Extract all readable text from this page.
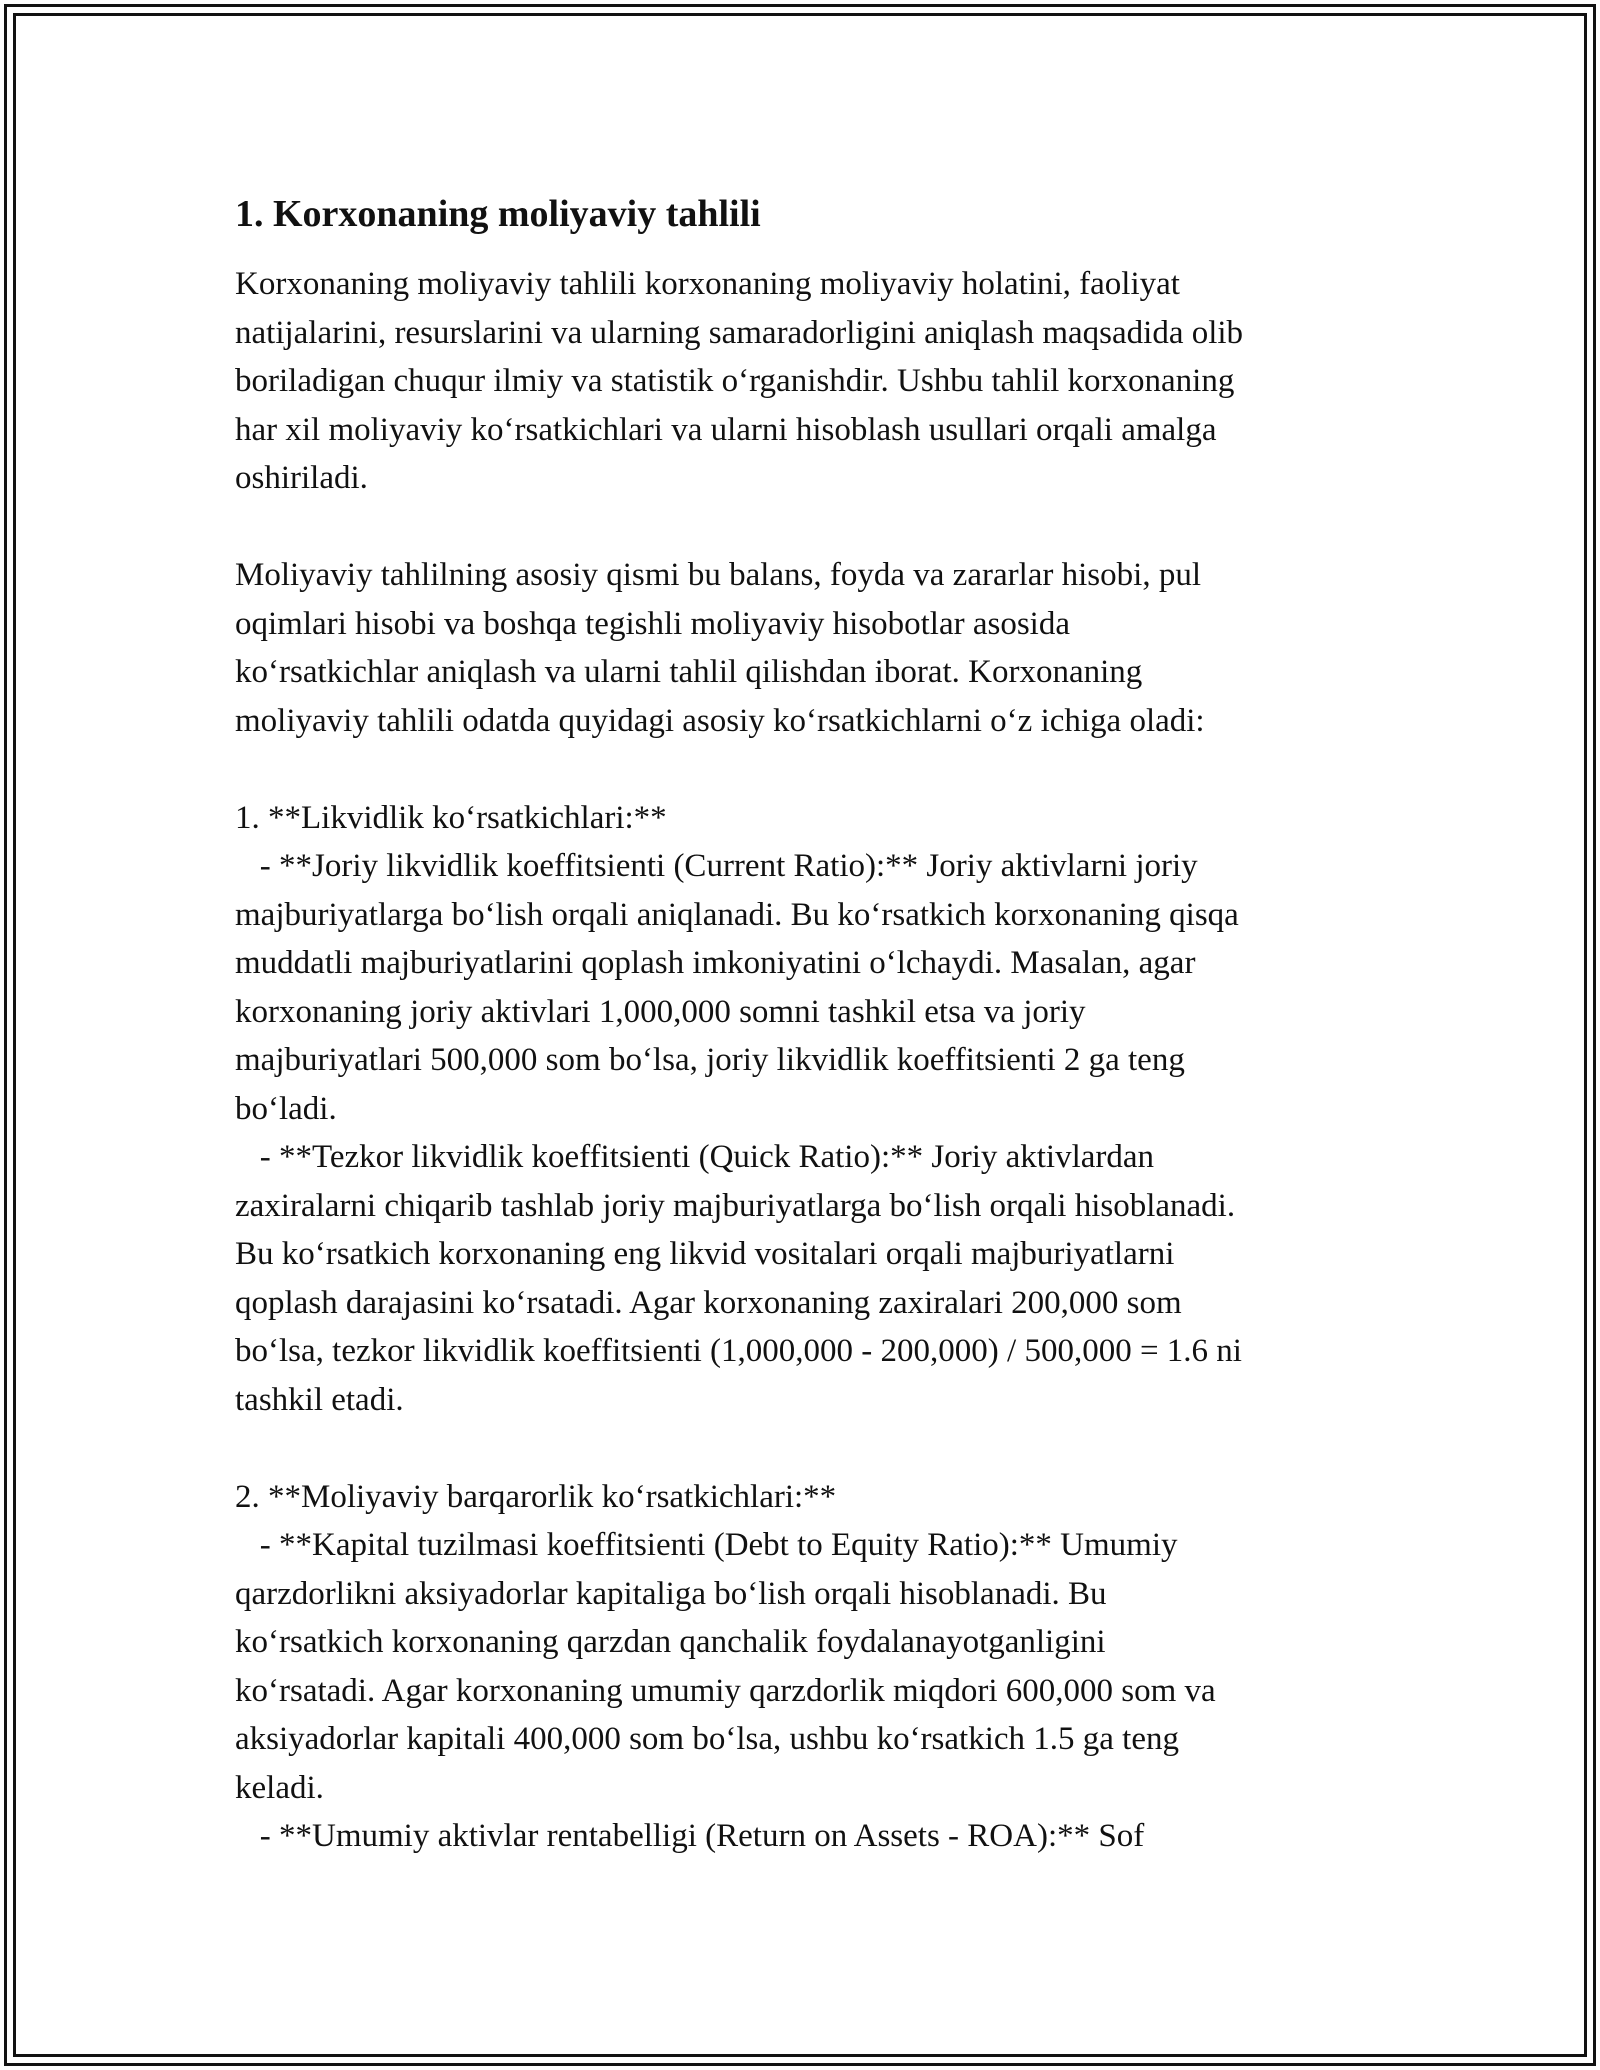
1. Korxonaning moliyaviy tahlili
Korxonaning moliyaviy tahlili korxonaning moliyaviy holatini, faoliyat
natijalarini, resurslarini va ularning samaradorligini aniqlash maqsadida olib
boriladigan chuqur ilmiy va statistik o‘rganishdir. Ushbu tahlil korxonaning
har xil moliyaviy ko‘rsatkichlari va ularni hisoblash usullari orqali amalga
oshiriladi.
Moliyaviy tahlilning asosiy qismi bu balans, foyda va zararlar hisobi, pul
oqimlari hisobi va boshqa tegishli moliyaviy hisobotlar asosida
ko‘rsatkichlar aniqlash va ularni tahlil qilishdan iborat. Korxonaning
moliyaviy tahlili odatda quyidagi asosiy ko‘rsatkichlarni o‘z ichiga oladi:
1. **Likvidlik ko‘rsatkichlari:**
- **Joriy likvidlik koeffitsienti (Current Ratio):** Joriy aktivlarni joriy
majburiyatlarga bo‘lish orqali aniqlanadi. Bu ko‘rsatkich korxonaning qisqa
muddatli majburiyatlarini qoplash imkoniyatini o‘lchaydi. Masalan, agar
korxonaning joriy aktivlari 1,000,000 somni tashkil etsa va joriy
majburiyatlari 500,000 som bo‘lsa, joriy likvidlik koeffitsienti 2 ga teng
bo‘ladi.
- **Tezkor likvidlik koeffitsienti (Quick Ratio):** Joriy aktivlardan
zaxiralarni chiqarib tashlab joriy majburiyatlarga bo‘lish orqali hisoblanadi.
Bu ko‘rsatkich korxonaning eng likvid vositalari orqali majburiyatlarni
qoplash darajasini ko‘rsatadi. Agar korxonaning zaxiralari 200,000 som
bo‘lsa, tezkor likvidlik koeffitsienti (1,000,000 - 200,000) / 500,000 = 1.6 ni
tashkil etadi.
2. **Moliyaviy barqarorlik ko‘rsatkichlari:**
- **Kapital tuzilmasi koeffitsienti (Debt to Equity Ratio):** Umumiy
qarzdorlikni aksiyadorlar kapitaliga bo‘lish orqali hisoblanadi. Bu
ko‘rsatkich korxonaning qarzdan qanchalik foydalanayotganligini
ko‘rsatadi. Agar korxonaning umumiy qarzdorlik miqdori 600,000 som va
aksiyadorlar kapitali 400,000 som bo‘lsa, ushbu ko‘rsatkich 1.5 ga teng
keladi.
- **Umumiy aktivlar rentabelligi (Return on Assets - ROA):** Sof
